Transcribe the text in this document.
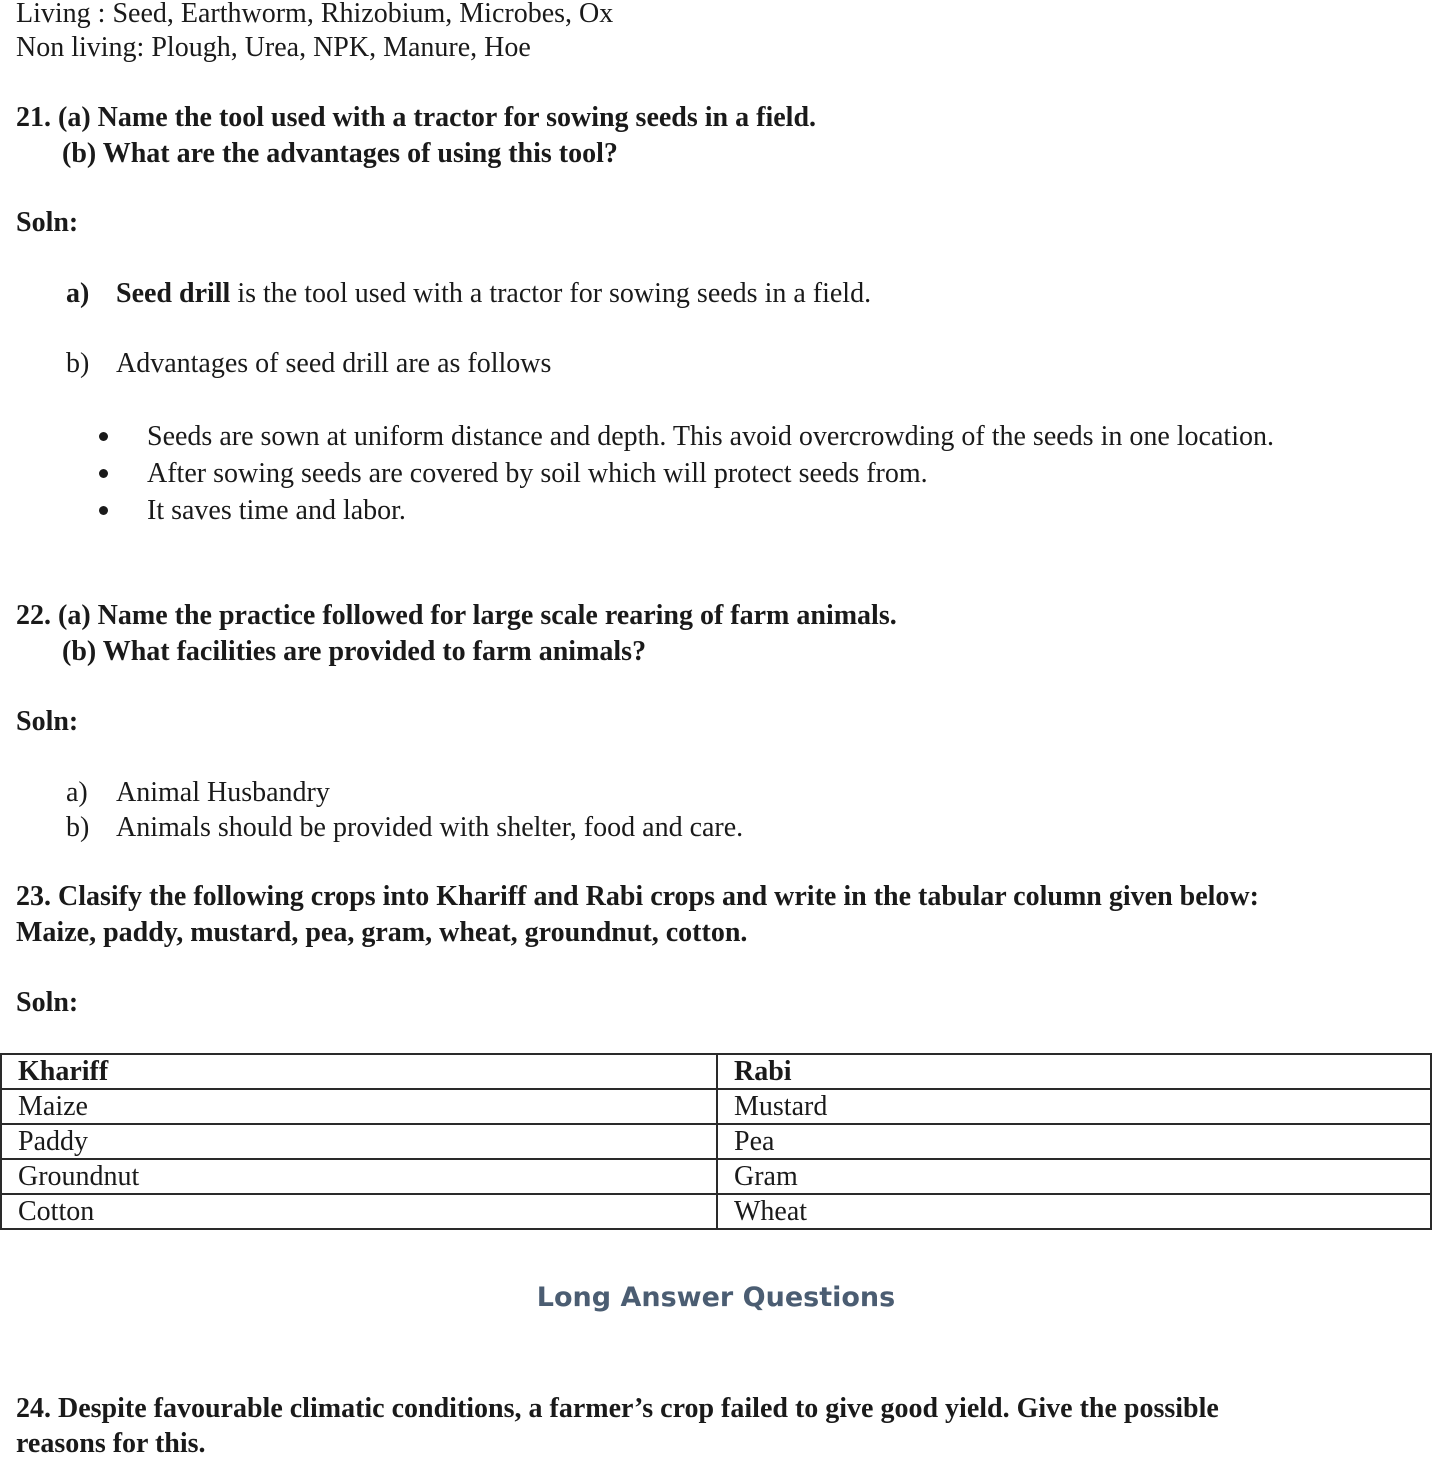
Living : Seed, Earthworm, Rhizobium, Microbes, Ox
Non living: Plough, Urea, NPK, Manure, Hoe
21. (a) Name the tool used with a tractor for sowing seeds in a field.
(b) What are the advantages of using this tool?
Soln:
a) Seed drill is the tool used with a tractor for sowing seeds in a field.
b) Advantages of seed drill are as follows
Seeds are sown at uniform distance and depth. This avoid overcrowding of the seeds in one location.
After sowing seeds are covered by soil which will protect seeds from.
It saves time and labor.
22. (a) Name the practice followed for large scale rearing of farm animals.
(b) What facilities are provided to farm animals?
Soln:
a) Animal Husbandry
b) Animals should be provided with shelter, food and care.
23. Clasify the following crops into Khariff and Rabi crops and write in the tabular column given below:
Maize, paddy, mustard, pea, gram, wheat, groundnut, cotton.
Soln:
Khariff	Rabi
Maize	Mustard
Paddy	Pea
Groundnut	Gram
Cotton	Wheat
Long Answer Questions
24. Despite favourable climatic conditions, a farmer’s crop failed to give good yield. Give the possible
reasons for this.
